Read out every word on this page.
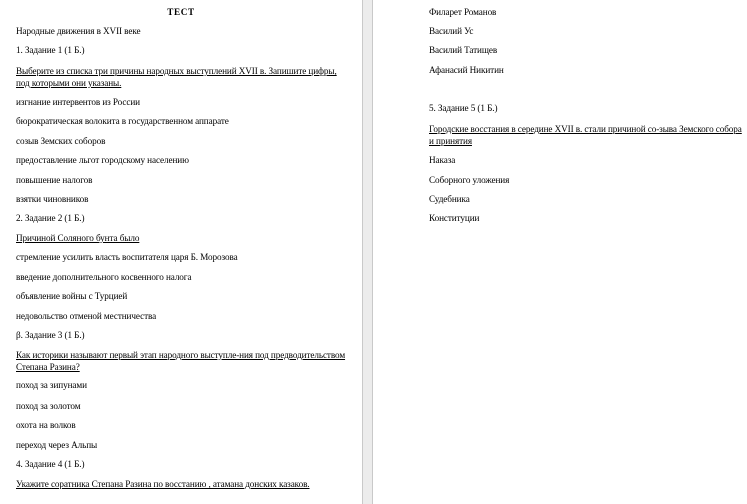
ТЕСТ
Народные движения в XVII веке
1. Задание 1 (1 Б.)
Выберите из списка три причины народных выступлений XVII в. Запишите цифры, под которыми они указаны.
изгнание интервентов из России
бюрократическая волокита в государственном аппарате
созыв Земских соборов
предоставление льгот городскому населению
повышение налогов
взятки чиновников
2. Задание 2 (1 Б.)
Причиной Соляного бунта было
стремление усилить власть воспитателя царя Б. Морозова
введение дополнительного косвенного налога
объявление войны с Турцией
недовольство отменой местничества
β. Задание 3 (1 Б.)
Как историки называют первый этап народного выступле-ния под предводительством Степана Разина?
поход за зипунами
поход за золотом
охота на волков
переход через Альпы
4. Задание 4 (1 Б.)
Укажите соратника Степана Разина по восстанию , атамана донских казаков.
Филарет Романов
Василий Ус
Василий Татищев
Афанасий Никитин
5. Задание 5 (1 Б.)
Городские восстания в середине XVII в. стали причиной со-зыва Земского собора и принятия
Наказа
Соборного уложения
Судебника
Конституции
